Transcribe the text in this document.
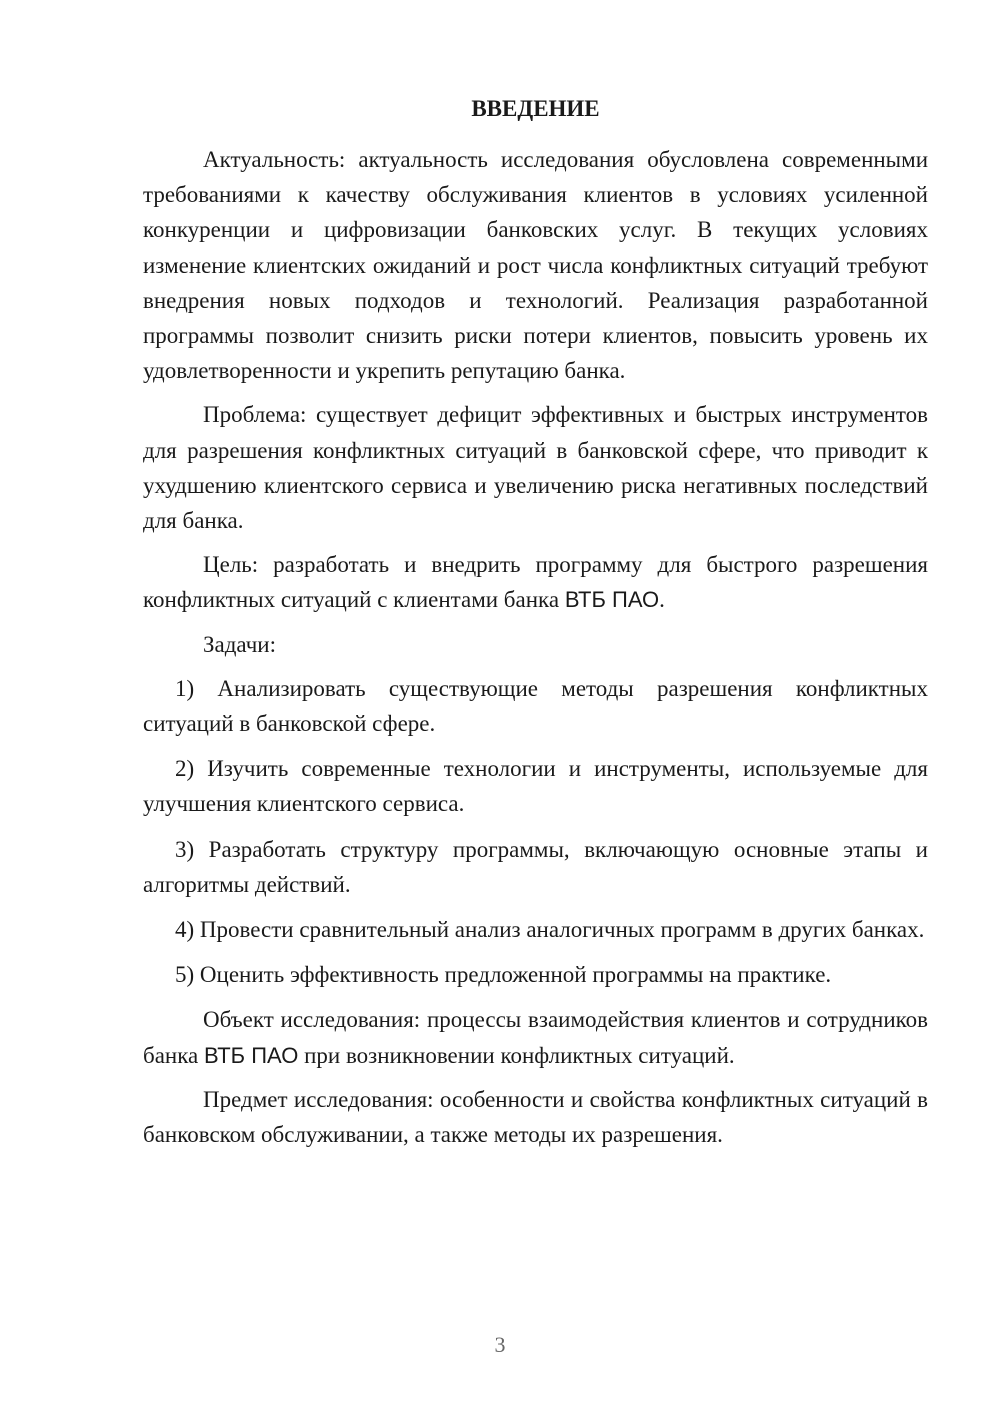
ВВЕДЕНИЕ

Актуальность: актуальность исследования обусловлена современными требованиями к качеству обслуживания клиентов в условиях усиленной конкуренции и цифровизации банковских услуг. В текущих условиях изменение клиентских ожиданий и рост числа конфликтных ситуаций требуют внедрения новых подходов и технологий. Реализация разработанной программы позволит снизить риски потери клиентов, повысить уровень их удовлетворенности и укрепить репутацию банка.

Проблема: существует дефицит эффективных и быстрых инструментов для разрешения конфликтных ситуаций в банковской сфере, что приводит к ухудшению клиентского сервиса и увеличению риска негативных последствий для банка.

Цель: разработать и внедрить программу для быстрого разрешения конфликтных ситуаций с клиентами банка ВТБ ПАО.

Задачи:

1) Анализировать существующие методы разрешения конфликтных ситуаций в банковской сфере.

2) Изучить современные технологии и инструменты, используемые для улучшения клиентского сервиса.

3) Разработать структуру программы, включающую основные этапы и алгоритмы действий.

4) Провести сравнительный анализ аналогичных программ в других банках.

5) Оценить эффективность предложенной программы на практике.

Объект исследования: процессы взаимодействия клиентов и сотрудников банка ВТБ ПАО при возникновении конфликтных ситуаций.

Предмет исследования: особенности и свойства конфликтных ситуаций в банковском обслуживании, а также методы их разрешения.

3
